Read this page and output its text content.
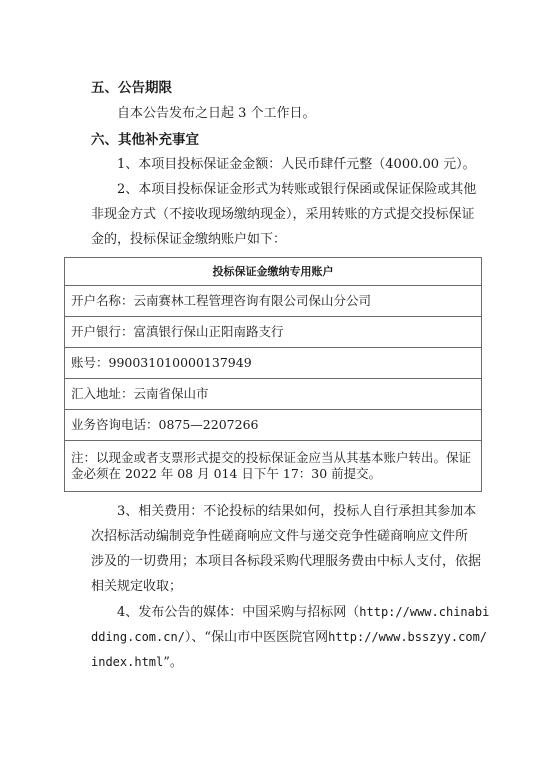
五、公告期限
自本公告发布之日起 3 个工作日。
六、其他补充事宜
1、本项目投标保证金金额：人民币肆仟元整（4000.00 元）。
2、本项目投标保证金形式为转账或银行保函或保证保险或其他
非现金方式（不接收现场缴纳现金），采用转账的方式提交投标保证
金的，投标保证金缴纳账户如下：
投标保证金缴纳专用账户
开户名称：云南赛林工程管理咨询有限公司保山分公司
开户银行：富滇银行保山正阳南路支行
账号：990031010000137949
汇入地址：云南省保山市
业务咨询电话：0875—2207266
注：以现金或者支票形式提交的投标保证金应当从其基本账户转出。保证金必须在 2022 年 08 月 014 日下午 17：30 前提交。
3、相关费用：不论投标的结果如何，投标人自行承担其参加本
次招标活动编制竞争性磋商响应文件与递交竞争性磋商响应文件所
涉及的一切费用；本项目各标段采购代理服务费由中标人支付，依据
相关规定收取；
4、发布公告的媒体：中国采购与招标网（http://www.chinabi
dding.com.cn/）、“保山市中医医院官网http://www.bsszyy.com/
index.html”。
